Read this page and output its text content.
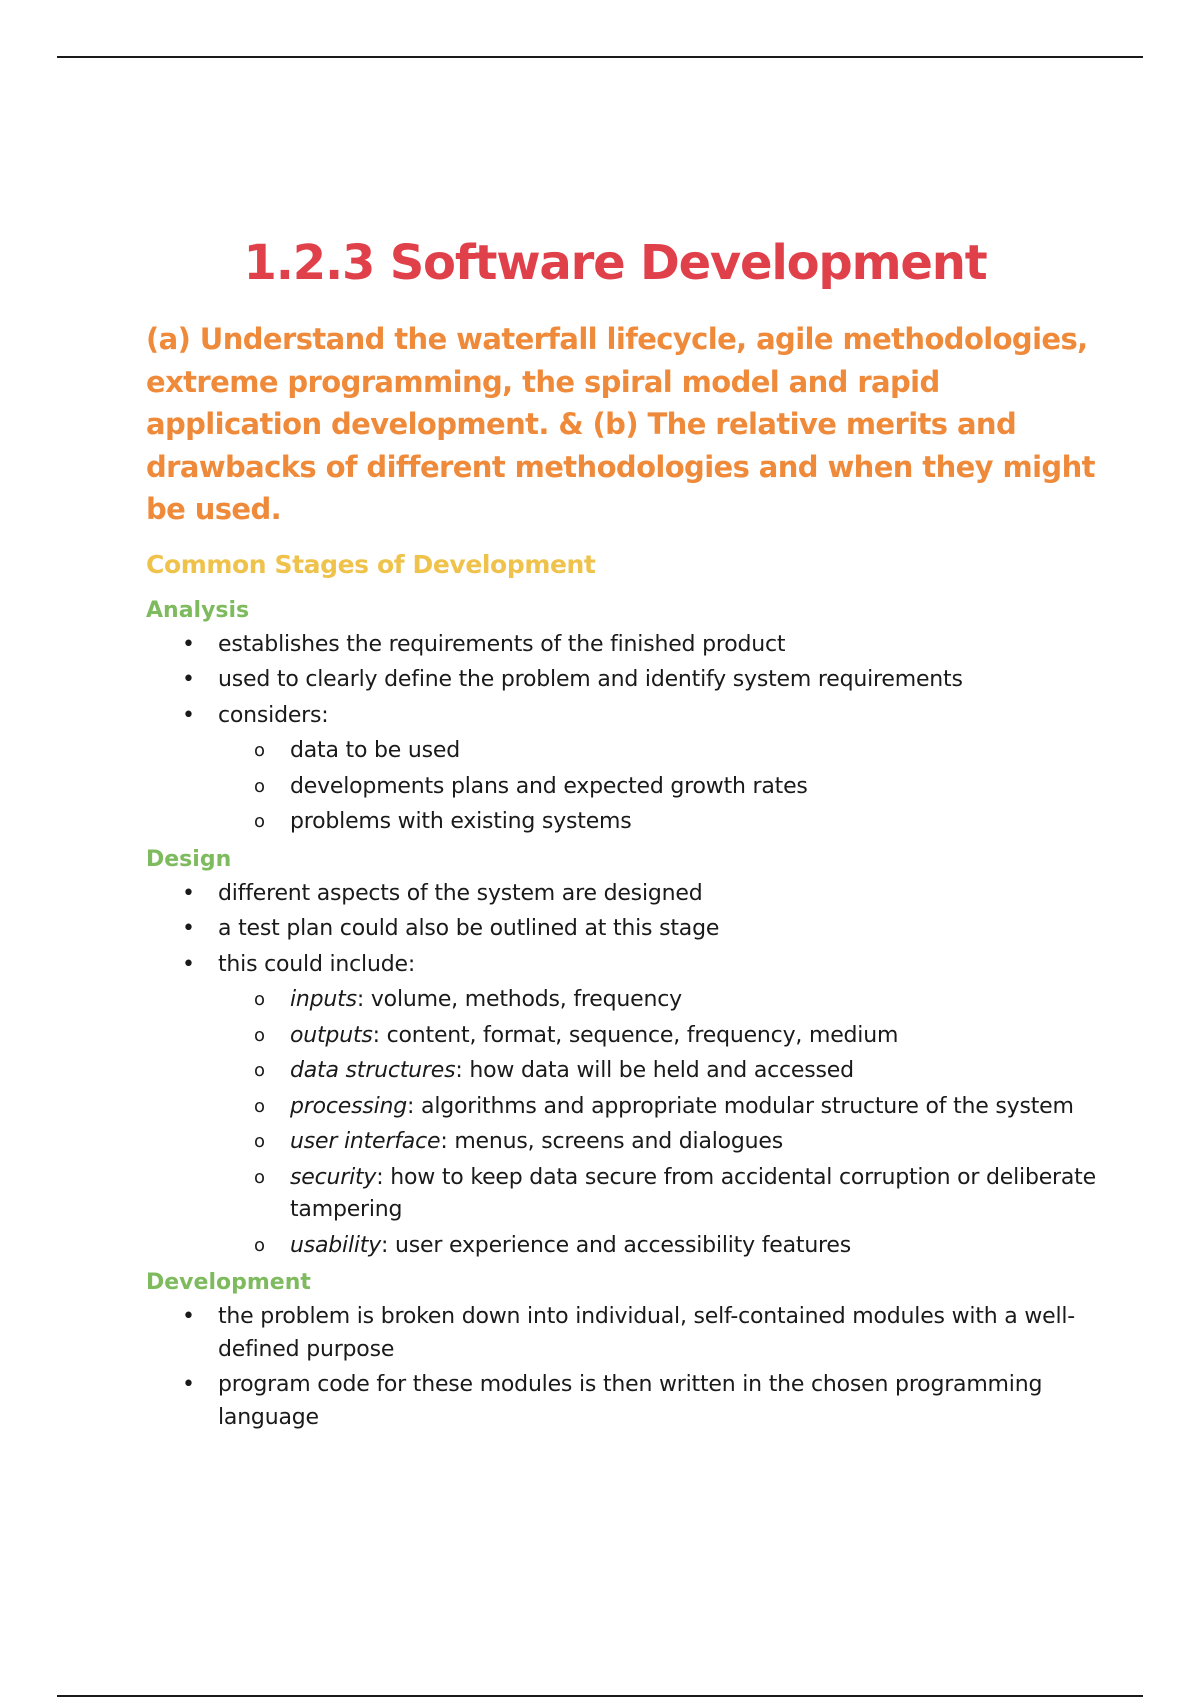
1.2.3 Software Development
(a) Understand the waterfall lifecycle, agile methodologies, extreme programming, the spiral model and rapid application development. & (b) The relative merits and drawbacks of different methodologies and when they might be used.
Common Stages of Development
Analysis
• establishes the requirements of the finished product
• used to clearly define the problem and identify system requirements
• considers:
o data to be used
o developments plans and expected growth rates
o problems with existing systems
Design
• different aspects of the system are designed
• a test plan could also be outlined at this stage
• this could include:
o inputs: volume, methods, frequency
o outputs: content, format, sequence, frequency, medium
o data structures: how data will be held and accessed
o processing: algorithms and appropriate modular structure of the system
o user interface: menus, screens and dialogues
o security: how to keep data secure from accidental corruption or deliberate tampering
o usability: user experience and accessibility features
Development
• the problem is broken down into individual, self-contained modules with a well-defined purpose
• program code for these modules is then written in the chosen programming language
